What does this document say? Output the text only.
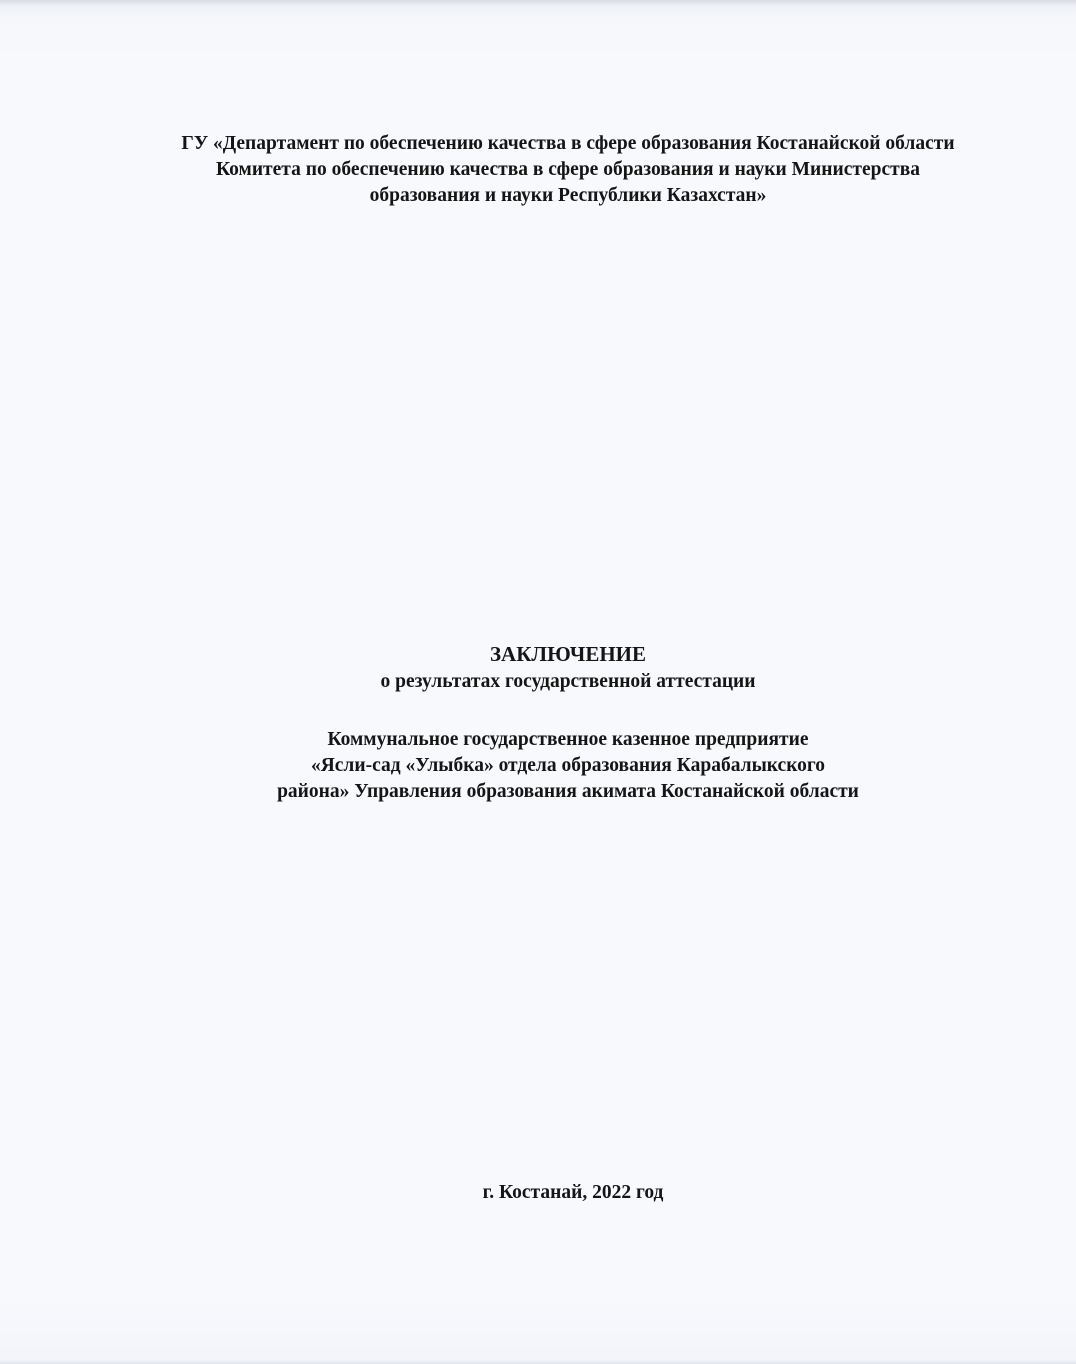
ГУ «Департамент по обеспечению качества в сфере образования Костанайской области
Комитета по обеспечению качества в сфере образования и науки Министерства
образования и науки Республики Казахстан»
ЗАКЛЮЧЕНИЕ
о результатах государственной аттестации
Коммунальное государственное казенное предприятие
«Ясли-сад «Улыбка» отдела образования Карабалыкского
района» Управления образования акимата Костанайской области
г. Костанай, 2022 год
